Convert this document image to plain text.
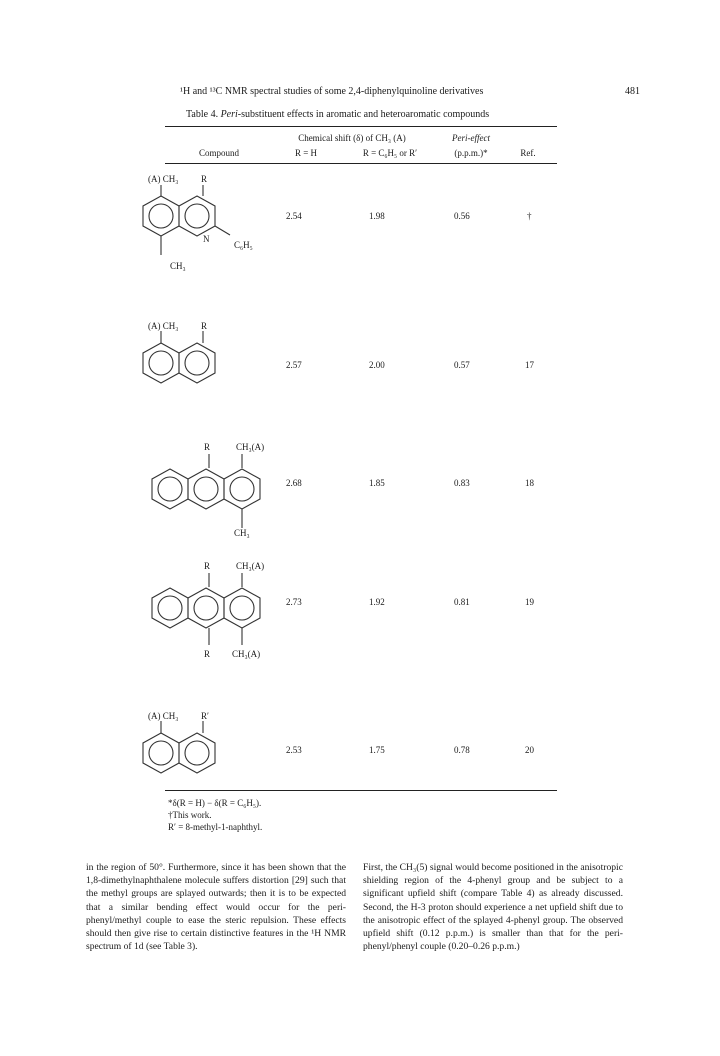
¹H and ¹³C NMR spectral studies of some 2,4-diphenylquinoline derivatives	481
Table 4. Peri-substituent effects in aromatic and heteroaromatic compounds
Chemical shift (δ) of CH₃ (A)	Peri-effect
Compound	R = H	R = C₆H₅ or R′	(p.p.m.)*	Ref.
2.54	1.98	0.56	†
2.57	2.00	0.57	17
2.68	1.85	0.83	18
2.73	1.92	0.81	19
2.53	1.75	0.78	20
(A) CH₃	R
N
C₆H₅
CH₃
(A) CH₃	R
R	CH₃(A)
CH₃
R	CH₃(A)
R CH₃(A)
(A) CH₃	R′
*δ(R = H) − δ(R = C₆H₅).
†This work.
R′ = 8-methyl-1-naphthyl.
in the region of 50°. Furthermore, since it has been shown that the 1,8-dimethylnaphthalene molecule suffers distortion [29] such that the methyl groups are splayed outwards; then it is to be expected that a similar bending effect would occur for the peri-phenyl/methyl couple to ease the steric repulsion. These effects should then give rise to certain distinctive features in the ¹H NMR spectrum of 1d (see Table 3).
First, the CH₃(5) signal would become positioned in the anisotropic shielding region of the 4-phenyl group and be subject to a significant upfield shift (compare Table 4) as already discussed. Second, the H-3 proton should experience a net upfield shift due to the anisotropic effect of the splayed 4-phenyl group. The observed upfield shift (0.12 p.p.m.) is smaller than that for the peri-phenyl/phenyl couple (0.20–0.26 p.p.m.)
